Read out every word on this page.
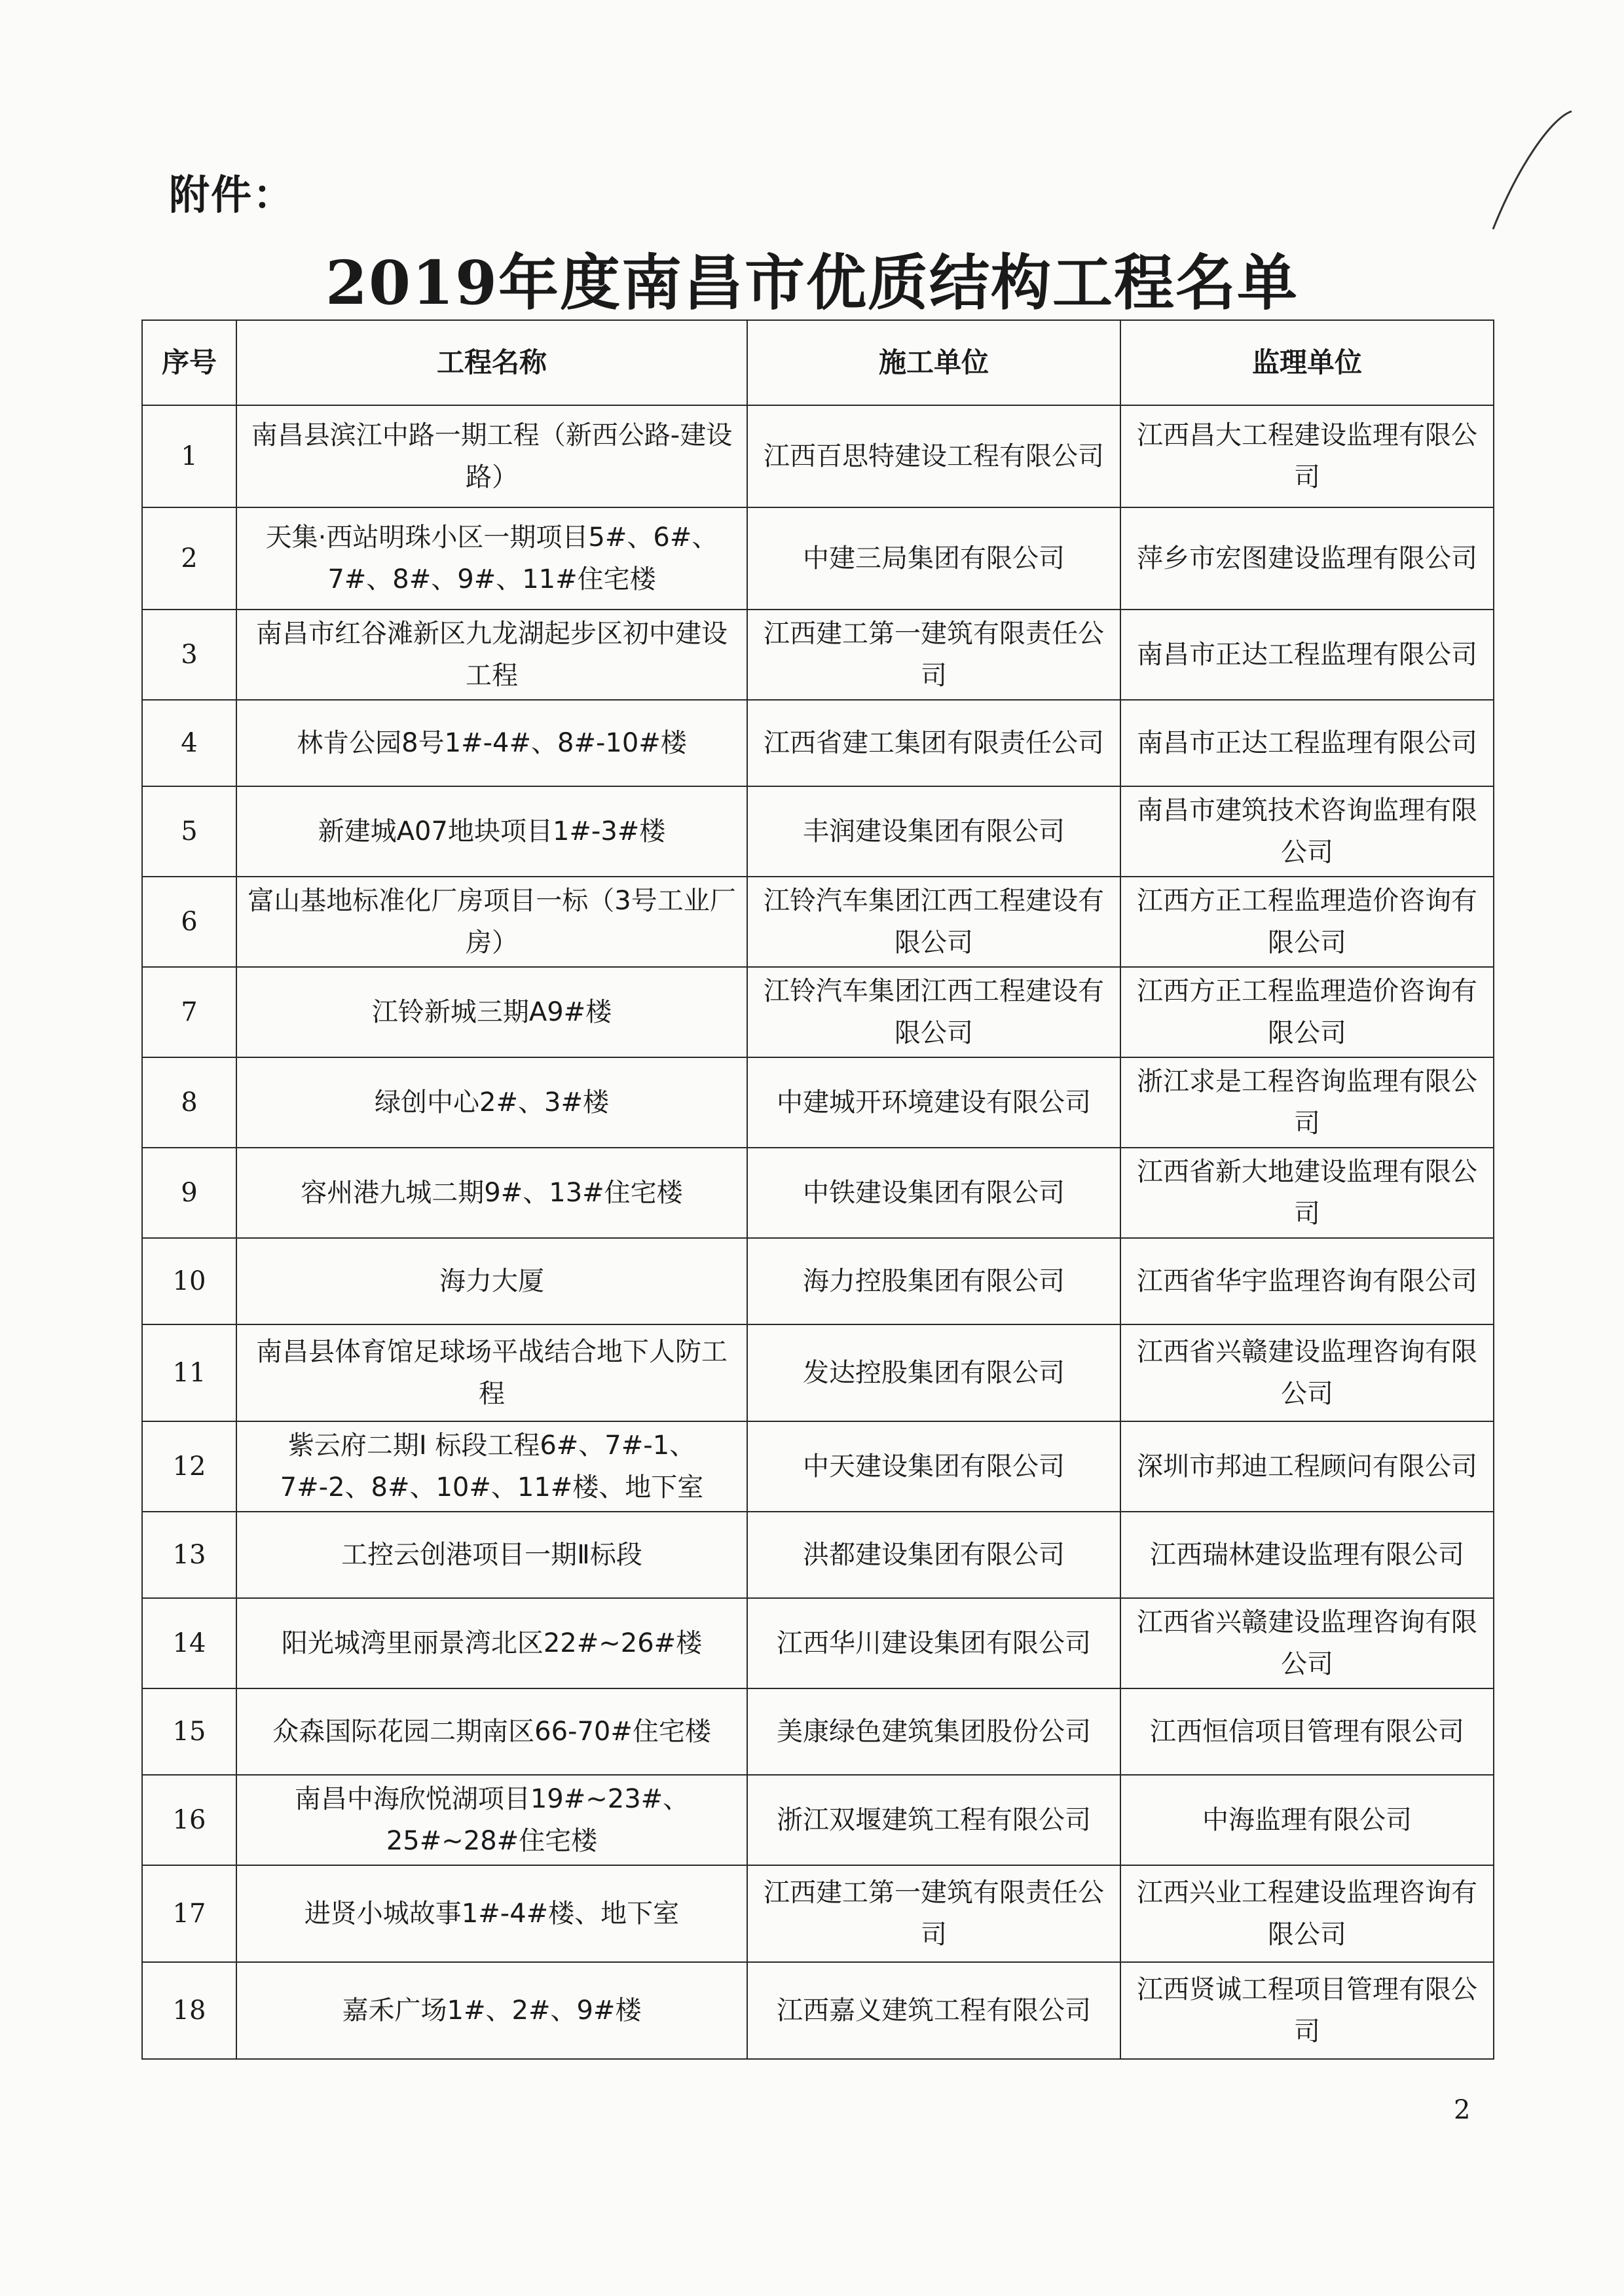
附件：
2019年度南昌市优质结构工程名单
序号	工程名称	施工单位	监理单位
1	南昌县滨江中路一期工程（新西公路-建设路）	江西百思特建设工程有限公司	江西昌大工程建设监理有限公司
2	天集·西站明珠小区一期项目5#、6#、7#、8#、9#、11#住宅楼	中建三局集团有限公司	萍乡市宏图建设监理有限公司
3	南昌市红谷滩新区九龙湖起步区初中建设工程	江西建工第一建筑有限责任公司	南昌市正达工程监理有限公司
4	林肯公园8号1#-4#、8#-10#楼	江西省建工集团有限责任公司	南昌市正达工程监理有限公司
5	新建城A07地块项目1#-3#楼	丰润建设集团有限公司	南昌市建筑技术咨询监理有限公司
6	富山基地标准化厂房项目一标（3号工业厂房）	江铃汽车集团江西工程建设有限公司	江西方正工程监理造价咨询有限公司
7	江铃新城三期A9#楼	江铃汽车集团江西工程建设有限公司	江西方正工程监理造价咨询有限公司
8	绿创中心2#、3#楼	中建城开环境建设有限公司	浙江求是工程咨询监理有限公司
9	容州港九城二期9#、13#住宅楼	中铁建设集团有限公司	江西省新大地建设监理有限公司
10	海力大厦	海力控股集团有限公司	江西省华宇监理咨询有限公司
11	南昌县体育馆足球场平战结合地下人防工程	发达控股集团有限公司	江西省兴赣建设监理咨询有限公司
12	紫云府二期Ⅰ 标段工程6#、7#-1、7#-2、8#、10#、11#楼、地下室	中天建设集团有限公司	深圳市邦迪工程顾问有限公司
13	工控云创港项目一期Ⅱ标段	洪都建设集团有限公司	江西瑞林建设监理有限公司
14	阳光城湾里丽景湾北区22#~26#楼	江西华川建设集团有限公司	江西省兴赣建设监理咨询有限公司
15	众森国际花园二期南区66-70#住宅楼	美康绿色建筑集团股份公司	江西恒信项目管理有限公司
16	南昌中海欣悦湖项目19#~23#、25#~28#住宅楼	浙江双堰建筑工程有限公司	中海监理有限公司
17	进贤小城故事1#-4#楼、地下室	江西建工第一建筑有限责任公司	江西兴业工程建设监理咨询有限公司
18	嘉禾广场1#、2#、9#楼	江西嘉义建筑工程有限公司	江西贤诚工程项目管理有限公司
2
